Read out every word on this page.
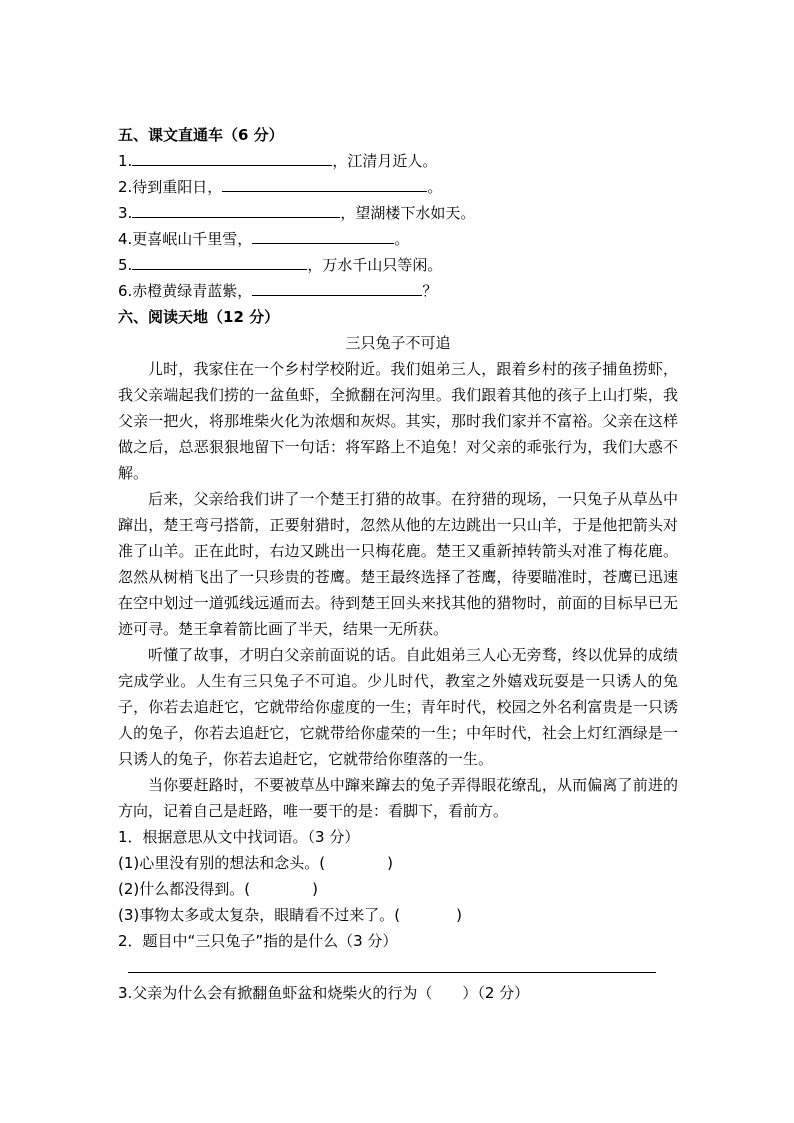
五、课文直通车（6 分）
1.	，江清月近人。
2.待到重阳日，	。
3.	，望湖楼下水如天。
4.更喜岷山千里雪，	。
5.	，万水千山只等闲。
6.赤橙黄绿青蓝紫，	？
六、阅读天地（12 分）
三只兔子不可追

儿时，我家住在一个乡村学校附近。我们姐弟三人，跟着乡村的孩子捕鱼捞虾，我父亲端起我们捞的一盆鱼虾，全掀翻在河沟里。我们跟着其他的孩子上山打柴，我父亲一把火，将那堆柴火化为浓烟和灰烬。其实，那时我们家并不富裕。父亲在这样做之后，总恶狠狠地留下一句话：将军路上不追兔！对父亲的乖张行为，我们大惑不解。

后来，父亲给我们讲了一个楚王打猎的故事。在狩猎的现场，一只兔子从草丛中蹿出，楚王弯弓搭箭，正要射猎时，忽然从他的左边跳出一只山羊，于是他把箭头对准了山羊。正在此时，右边又跳出一只梅花鹿。楚王又重新掉转箭头对准了梅花鹿。忽然从树梢飞出了一只珍贵的苍鹰。楚王最终选择了苍鹰，待要瞄准时，苍鹰已迅速在空中划过一道弧线远遁而去。待到楚王回头来找其他的猎物时，前面的目标早已无迹可寻。楚王拿着箭比画了半天，结果一无所获。

听懂了故事，才明白父亲前面说的话。自此姐弟三人心无旁骛，终以优异的成绩完成学业。人生有三只兔子不可追。少儿时代，教室之外嬉戏玩耍是一只诱人的兔子，你若去追赶它，它就带给你虚度的一生；青年时代，校园之外名利富贵是一只诱人的兔子，你若去追赶它，它就带给你虚荣的一生；中年时代，社会上灯红酒绿是一只诱人的兔子，你若去追赶它，它就带给你堕落的一生。

当你要赶路时，不要被草丛中蹿来蹿去的兔子弄得眼花缭乱，从而偏离了前进的方向，记着自己是赶路，唯一要干的是：看脚下，看前方。

1．根据意思从文中找词语。（3 分）
(1)心里没有别的想法和念头。(	)
(2)什么都没得到。(	)
(3)事物太多或太复杂，眼睛看不过来了。(	)
2．题目中“三只兔子”指的是什么（3 分）
3.父亲为什么会有掀翻鱼虾盆和烧柴火的行为（　　）（2 分）
